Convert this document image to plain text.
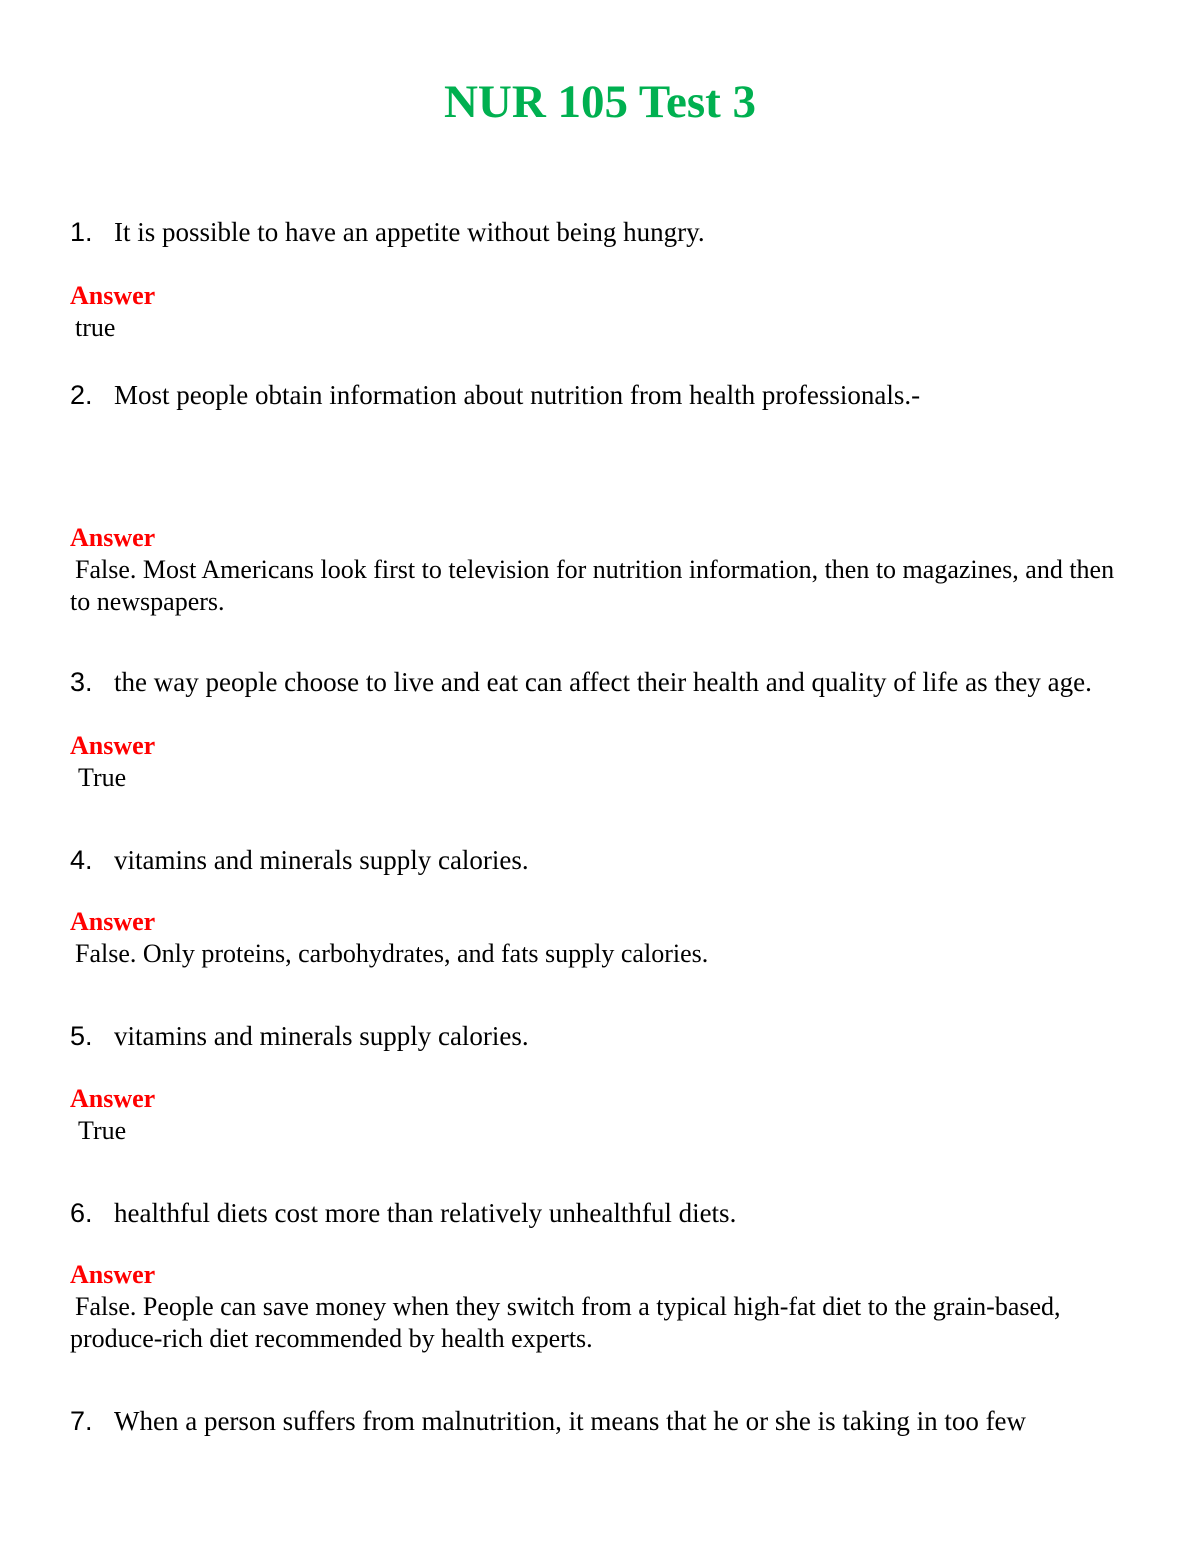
NUR 105 Test 3
1. It is possible to have an appetite without being hungry.
Answer
true
2. Most people obtain information about nutrition from health professionals.-
Answer
False. Most Americans look first to television for nutrition information, then to magazines, and then to newspapers.
3. the way people choose to live and eat can affect their health and quality of life as they age.
Answer
True
4. vitamins and minerals supply calories.
Answer
False. Only proteins, carbohydrates, and fats supply calories.
5. vitamins and minerals supply calories.
Answer
True
6. healthful diets cost more than relatively unhealthful diets.
Answer
False. People can save money when they switch from a typical high-fat diet to the grain-based, produce-rich diet recommended by health experts.
7. When a person suffers from malnutrition, it means that he or she is taking in too few
